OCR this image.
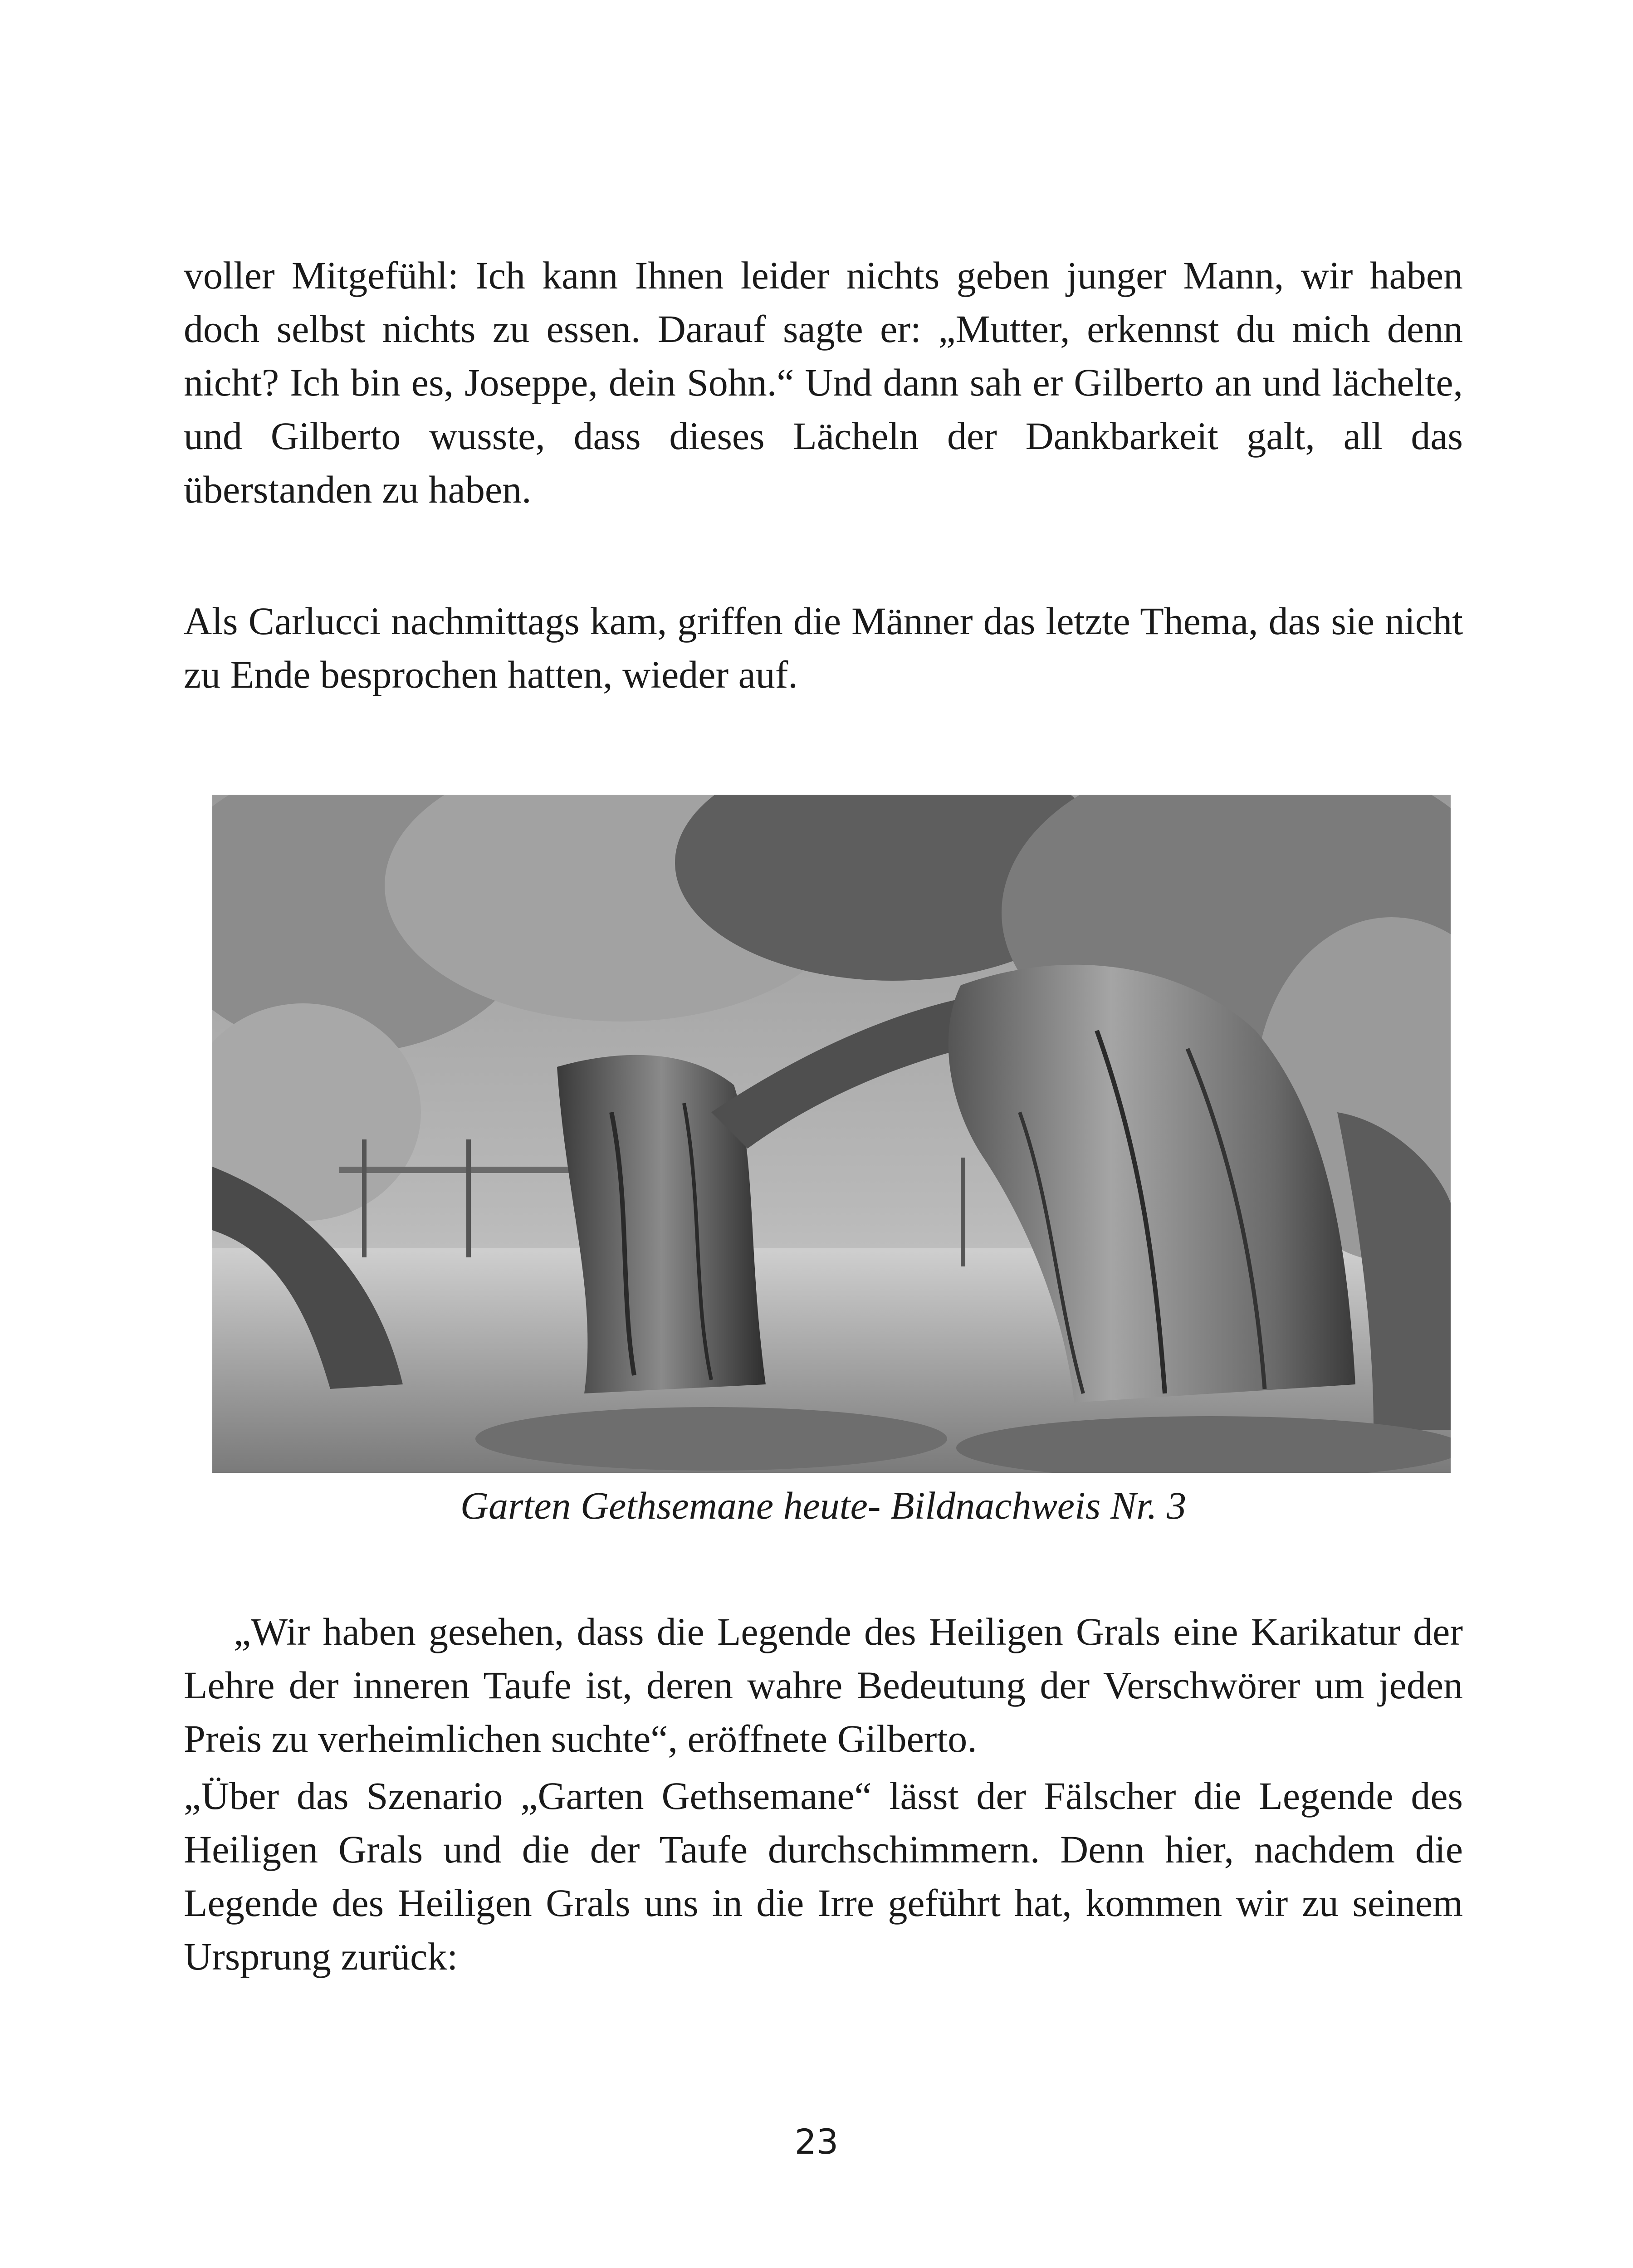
voller Mitgefühl: Ich kann Ihnen leider nichts geben junger Mann, wir haben doch selbst nichts zu essen. Darauf sagte er: „Mutter, erkennst du mich denn nicht? Ich bin es, Joseppe, dein Sohn.“ Und dann sah er Gilberto an und lächelte, und Gilberto wusste, dass dieses Lächeln der Dankbarkeit galt, all das überstanden zu haben.

Als Carlucci nachmittags kam, griffen die Männer das letzte Thema, das sie nicht zu Ende besprochen hatten, wieder auf.

Garten Gethsemane heute- Bildnachweis Nr. 3

„Wir haben gesehen, dass die Legende des Heiligen Grals eine Karikatur der Lehre der inneren Taufe ist, deren wahre Bedeutung der Verschwörer um jeden Preis zu verheimlichen suchte“, eröffnete Gilberto.

„Über das Szenario „Garten Gethsemane“ lässt der Fälscher die Legende des Heiligen Grals und die der Taufe durchschimmern. Denn hier, nachdem die Legende des Heiligen Grals uns in die Irre geführt hat, kommen wir zu seinem Ursprung zurück:

23
